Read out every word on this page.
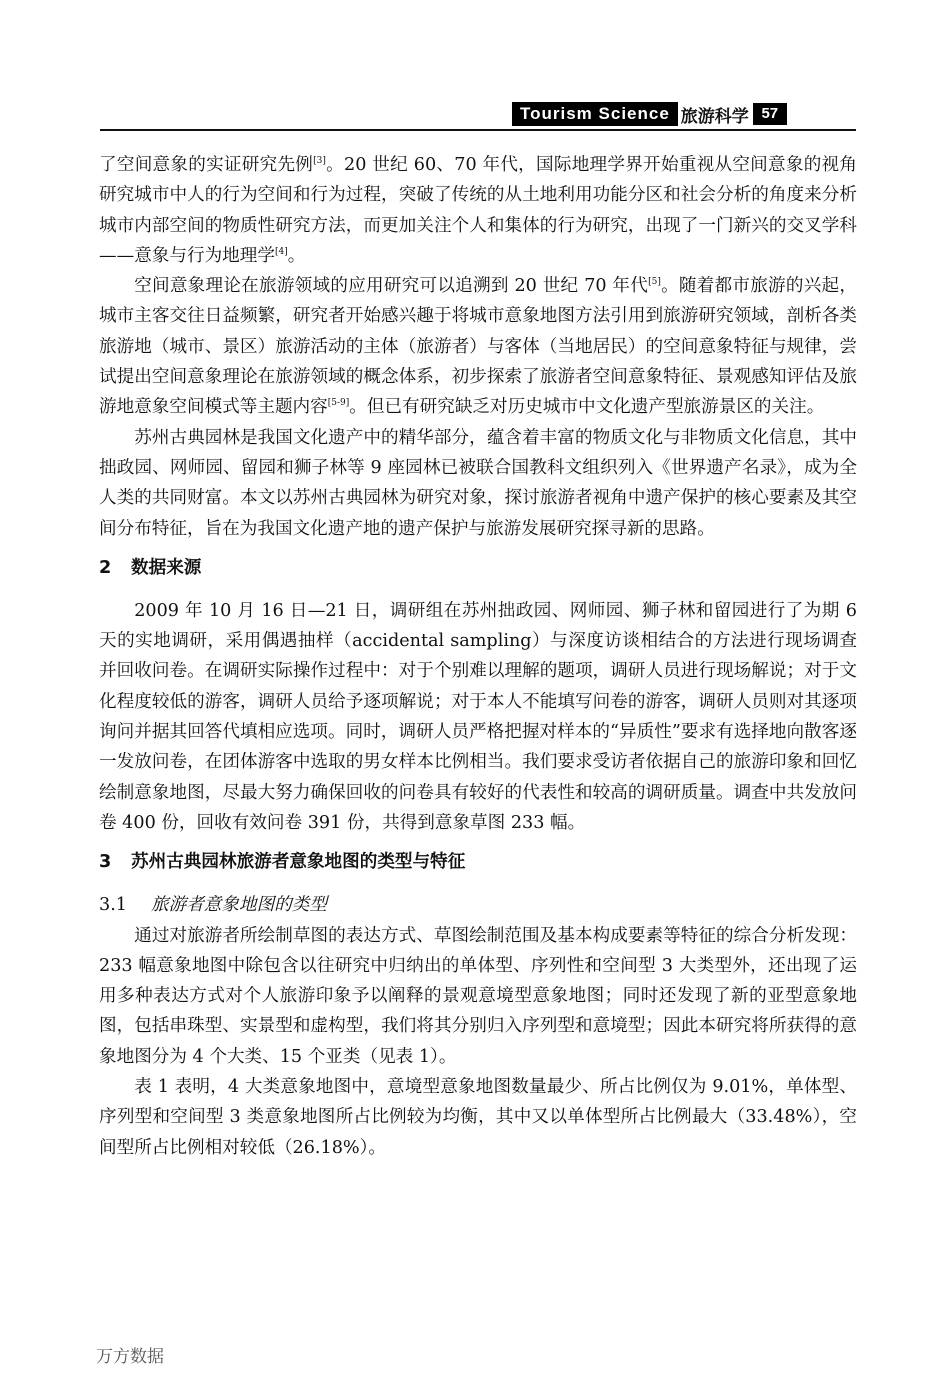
Tourism Science 旅游科学 57

了空间意象的实证研究先例[3]。20 世纪 60、70 年代，国际地理学界开始重视从空间意象的视角研究城市中人的行为空间和行为过程，突破了传统的从土地利用功能分区和社会分析的角度来分析城市内部空间的物质性研究方法，而更加关注个人和集体的行为研究，出现了一门新兴的交叉学科——意象与行为地理学[4]。

空间意象理论在旅游领域的应用研究可以追溯到 20 世纪 70 年代[5]。随着都市旅游的兴起，城市主客交往日益频繁，研究者开始感兴趣于将城市意象地图方法引用到旅游研究领域，剖析各类旅游地（城市、景区）旅游活动的主体（旅游者）与客体（当地居民）的空间意象特征与规律，尝试提出空间意象理论在旅游领域的概念体系，初步探索了旅游者空间意象特征、景观感知评估及旅游地意象空间模式等主题内容[5-9]。但已有研究缺乏对历史城市中文化遗产型旅游景区的关注。

苏州古典园林是我国文化遗产中的精华部分，蕴含着丰富的物质文化与非物质文化信息，其中拙政园、网师园、留园和狮子林等 9 座园林已被联合国教科文组织列入《世界遗产名录》，成为全人类的共同财富。本文以苏州古典园林为研究对象，探讨旅游者视角中遗产保护的核心要素及其空间分布特征，旨在为我国文化遗产地的遗产保护与旅游发展研究探寻新的思路。

2 数据来源

2009 年 10 月 16 日—21 日，调研组在苏州拙政园、网师园、狮子林和留园进行了为期 6 天的实地调研，采用偶遇抽样（accidental sampling）与深度访谈相结合的方法进行现场调查并回收问卷。在调研实际操作过程中：对于个别难以理解的题项，调研人员进行现场解说；对于文化程度较低的游客，调研人员给予逐项解说；对于本人不能填写问卷的游客，调研人员则对其逐项询问并据其回答代填相应选项。同时，调研人员严格把握对样本的“异质性”要求有选择地向散客逐一发放问卷，在团体游客中选取的男女样本比例相当。我们要求受访者依据自己的旅游印象和回忆绘制意象地图，尽最大努力确保回收的问卷具有较好的代表性和较高的调研质量。调查中共发放问卷 400 份，回收有效问卷 391 份，共得到意象草图 233 幅。

3 苏州古典园林旅游者意象地图的类型与特征
3.1 旅游者意象地图的类型

通过对旅游者所绘制草图的表达方式、草图绘制范围及基本构成要素等特征的综合分析发现：233 幅意象地图中除包含以往研究中归纳出的单体型、序列性和空间型 3 大类型外，还出现了运用多种表达方式对个人旅游印象予以阐释的景观意境型意象地图；同时还发现了新的亚型意象地图，包括串珠型、实景型和虚构型，我们将其分别归入序列型和意境型；因此本研究将所获得的意象地图分为 4 个大类、15 个亚类（见表 1）。

表 1 表明，4 大类意象地图中，意境型意象地图数量最少、所占比例仅为 9.01%，单体型、序列型和空间型 3 类意象地图所占比例较为均衡，其中又以单体型所占比例最大（33.48%），空间型所占比例相对较低（26.18%）。

万方数据
